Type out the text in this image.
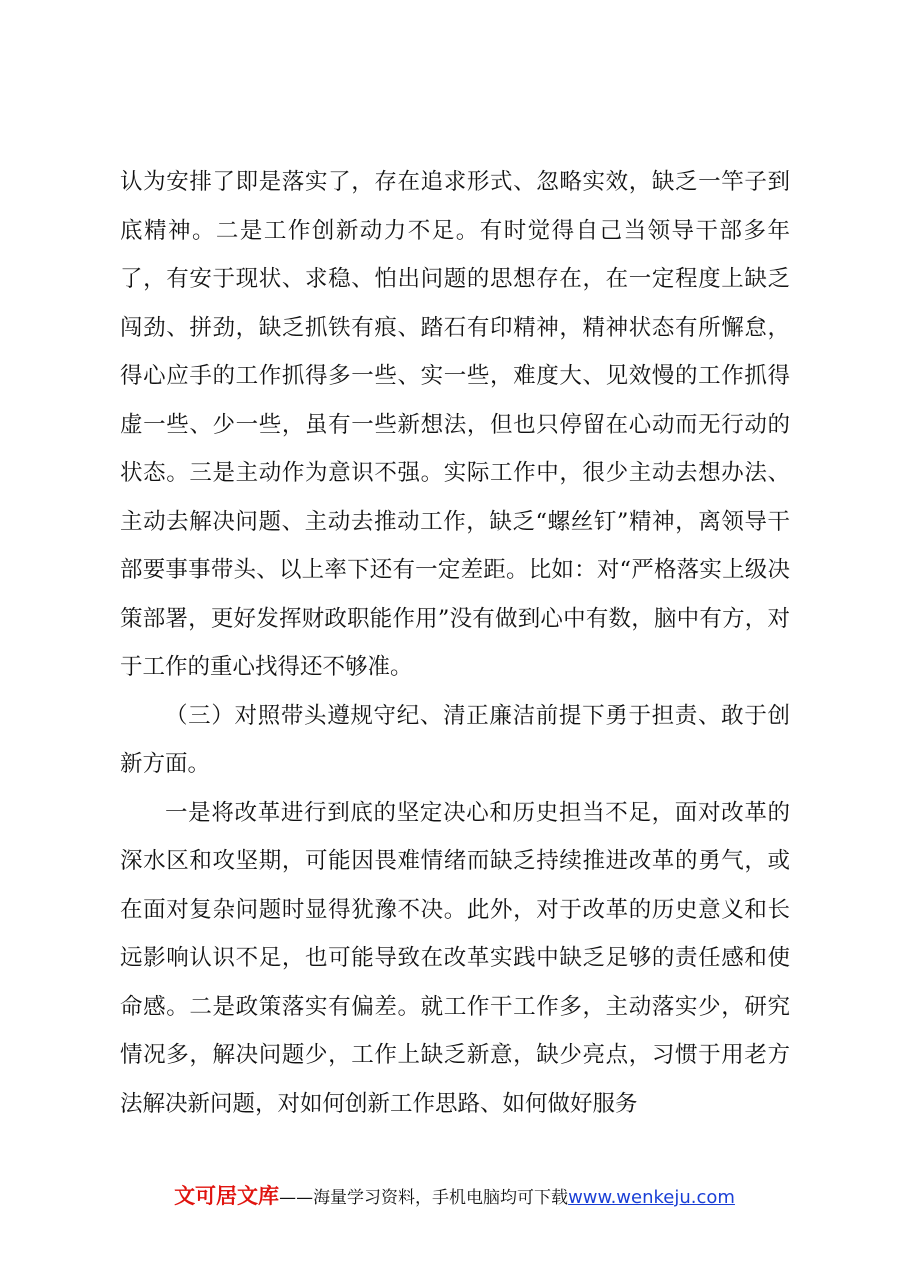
认为安排了即是落实了，存在追求形式、忽略实效，缺乏一竿子到底精神。二是工作创新动力不足。有时觉得自己当领导干部多年了，有安于现状、求稳、怕出问题的思想存在，在一定程度上缺乏闯劲、拼劲，缺乏抓铁有痕、踏石有印精神，精神状态有所懈怠，得心应手的工作抓得多一些、实一些，难度大、见效慢的工作抓得虚一些、少一些，虽有一些新想法，但也只停留在心动而无行动的状态。三是主动作为意识不强。实际工作中，很少主动去想办法、主动去解决问题、主动去推动工作，缺乏“螺丝钉”精神，离领导干部要事事带头、以上率下还有一定差距。比如：对“严格落实上级决策部署，更好发挥财政职能作用”没有做到心中有数，脑中有方，对于工作的重心找得还不够准。

（三）对照带头遵规守纪、清正廉洁前提下勇于担责、敢于创新方面。

一是将改革进行到底的坚定决心和历史担当不足，面对改革的深水区和攻坚期，可能因畏难情绪而缺乏持续推进改革的勇气，或在面对复杂问题时显得犹豫不决。此外，对于改革的历史意义和长远影响认识不足，也可能导致在改革实践中缺乏足够的责任感和使命感。二是政策落实有偏差。就工作干工作多，主动落实少，研究情况多，解决问题少，工作上缺乏新意，缺少亮点，习惯于用老方法解决新问题，对如何创新工作思路、如何做好服务

文可居文库——海量学习资料，手机电脑均可下载www.wenkeju.com
